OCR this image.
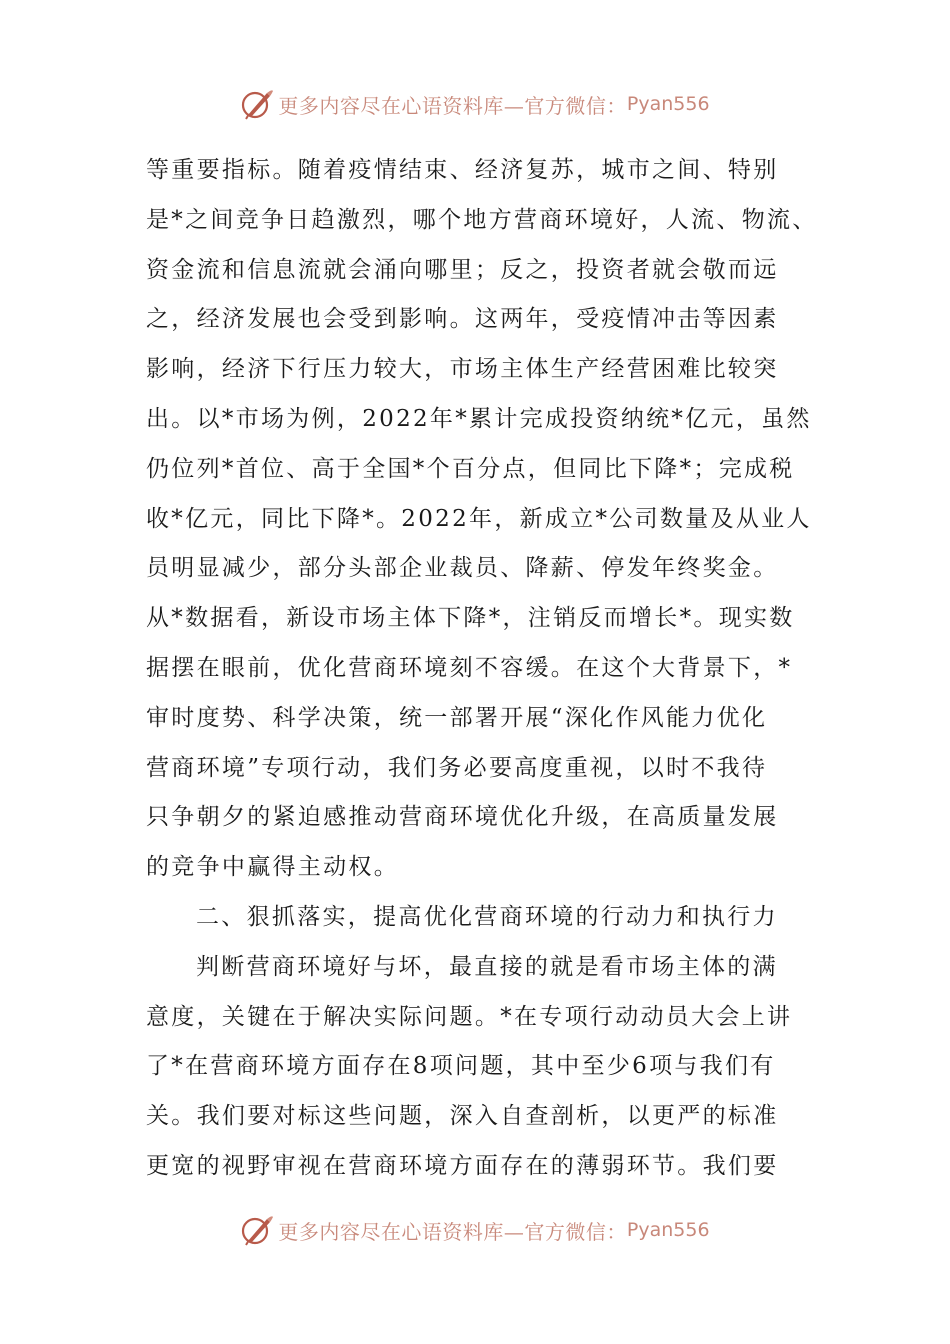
更多内容尽在心语资料库—官方微信： Pyan556
等重要指标。随着疫情结束、经济复苏，城市之间、特别
是*之间竞争日趋激烈，哪个地方营商环境好，人流、物流、
资金流和信息流就会涌向哪里；反之，投资者就会敬而远
之，经济发展也会受到影响。这两年，受疫情冲击等因素
影响，经济下行压力较大，市场主体生产经营困难比较突
出。以*市场为例，2022年*累计完成投资纳统*亿元，虽然
仍位列*首位、高于全国*个百分点，但同比下降*；完成税
收*亿元，同比下降*。2022年，新成立*公司数量及从业人
员明显减少，部分头部企业裁员、降薪、停发年终奖金。
从*数据看，新设市场主体下降*，注销反而增长*。现实数
据摆在眼前，优化营商环境刻不容缓。在这个大背景下，*
审时度势、科学决策，统一部署开展“深化作风能力优化
营商环境”专项行动，我们务必要高度重视，以时不我待
只争朝夕的紧迫感推动营商环境优化升级，在高质量发展
的竞争中赢得主动权。
二、狠抓落实，提高优化营商环境的行动力和执行力
判断营商环境好与坏，最直接的就是看市场主体的满
意度，关键在于解决实际问题。*在专项行动动员大会上讲
了*在营商环境方面存在8项问题，其中至少6项与我们有
关。我们要对标这些问题，深入自查剖析，以更严的标准
更宽的视野审视在营商环境方面存在的薄弱环节。我们要
更多内容尽在心语资料库—官方微信： Pyan556
